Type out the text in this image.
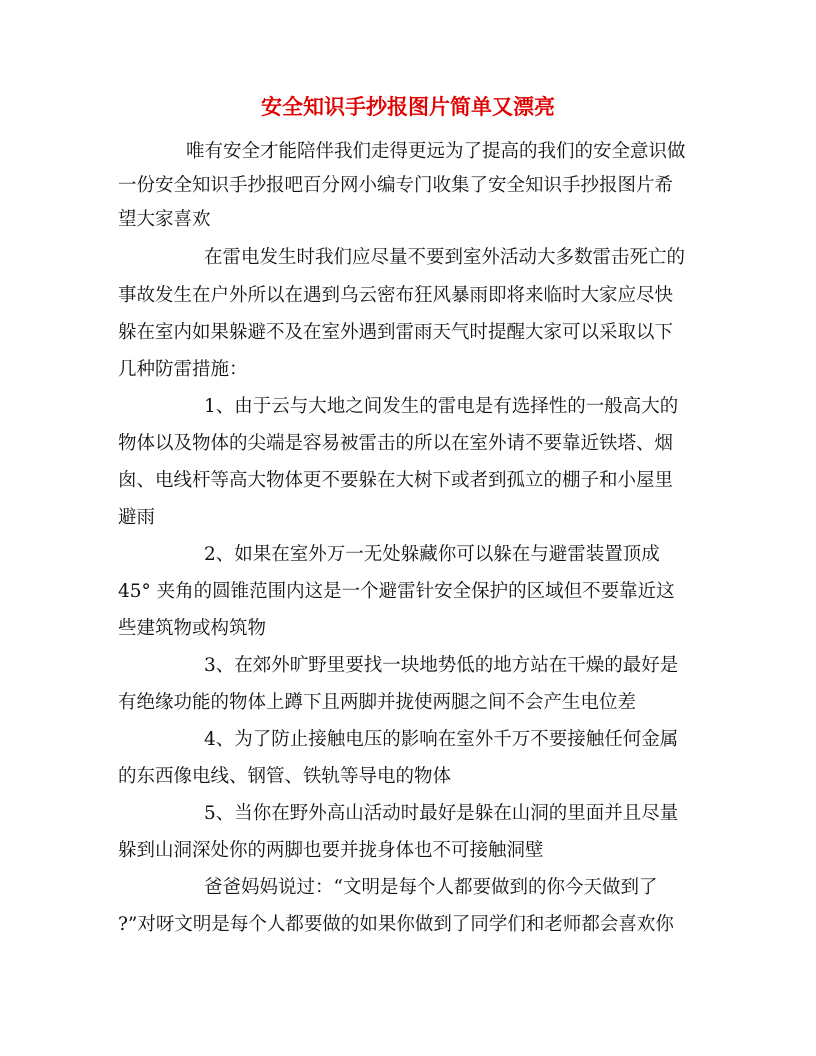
安全知识手抄报图片简单又漂亮
唯有安全才能陪伴我们走得更远为了提高的我们的安全意识做
一份安全知识手抄报吧百分网小编专门收集了安全知识手抄报图片希
望大家喜欢
在雷电发生时我们应尽量不要到室外活动大多数雷击死亡的
事故发生在户外所以在遇到乌云密布狂风暴雨即将来临时大家应尽快
躲在室内如果躲避不及在室外遇到雷雨天气时提醒大家可以采取以下
几种防雷措施：
1、由于云与大地之间发生的雷电是有选择性的一般高大的
物体以及物体的尖端是容易被雷击的所以在室外请不要靠近铁塔、烟
囱、电线杆等高大物体更不要躲在大树下或者到孤立的棚子和小屋里
避雨
2、如果在室外万一无处躲藏你可以躲在与避雷装置顶成
45° 夹角的圆锥范围内这是一个避雷针安全保护的区域但不要靠近这
些建筑物或构筑物
3、在郊外旷野里要找一块地势低的地方站在干燥的最好是
有绝缘功能的物体上蹲下且两脚并拢使两腿之间不会产生电位差
4、为了防止接触电压的影响在室外千万不要接触任何金属
的东西像电线、钢管、铁轨等导电的物体
5、当你在野外高山活动时最好是躲在山洞的里面并且尽量
躲到山洞深处你的两脚也要并拢身体也不可接触洞壁
爸爸妈妈说过：“文明是每个人都要做到的你今天做到了
?”对呀文明是每个人都要做的如果你做到了同学们和老师都会喜欢你
